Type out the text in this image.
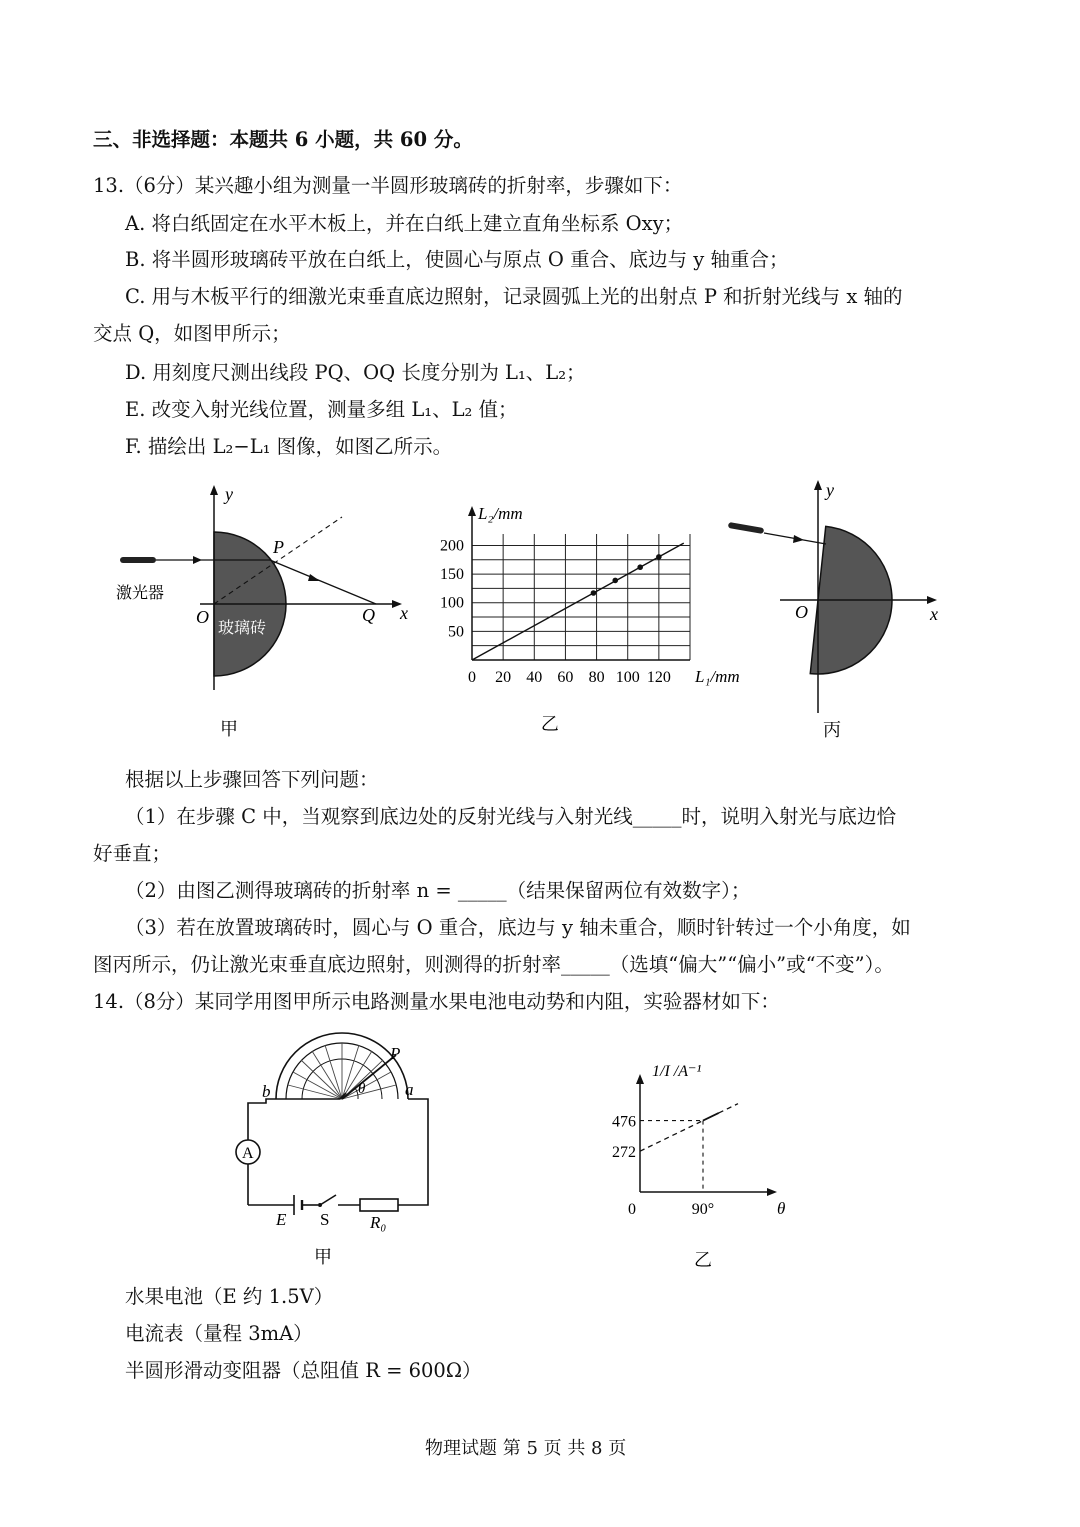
三、非选择题：本题共 6 小题，共 60 分。
13.（6分）某兴趣小组为测量一半圆形玻璃砖的折射率，步骤如下：
A. 将白纸固定在水平木板上，并在白纸上建立直角坐标系 Oxy；
B. 将半圆形玻璃砖平放在白纸上，使圆心与原点 O 重合、底边与 y 轴重合；
C. 用与木板平行的细激光束垂直底边照射，记录圆弧上光的出射点 P 和折射光线与 x 轴的
交点 Q，如图甲所示；
D. 用刻度尺测出线段 PQ、OQ 长度分别为 L₁、L₂；
E. 改变入射光线位置，测量多组 L₁、L₂ 值；
F. 描绘出 L₂−L₁ 图像，如图乙所示。
P
y
激光器
O
玻璃砖
Q x
甲
0 20 40 60 80 100 120
50
100
150
200
L₂/mm
L₁/mm
乙
y
O	x
丙
根据以上步骤回答下列问题：
（1）在步骤 C 中，当观察到底边处的反射光线与入射光线_____时，说明入射光与底边恰
好垂直；
（2）由图乙测得玻璃砖的折射率 n = _____（结果保留两位有效数字）；
（3）若在放置玻璃砖时，圆心与 O 重合，底边与 y 轴未重合，顺时针转过一个小角度，如
图丙所示，仍让激光束垂直底边照射，则测得的折射率_____（选填“偏大”“偏小”或“不变”）。
14.（8分）某同学用图甲所示电路测量水果电池电动势和内阻，实验器材如下：
A
P
θ
b	a
E S R₀
甲
272
476
90°
0	θ
1/I /A⁻¹
乙
水果电池（E 约 1.5V）
电流表（量程 3mA）
半圆形滑动变阻器（总阻值 R = 600Ω）
物理试题 第 5 页 共 8 页
